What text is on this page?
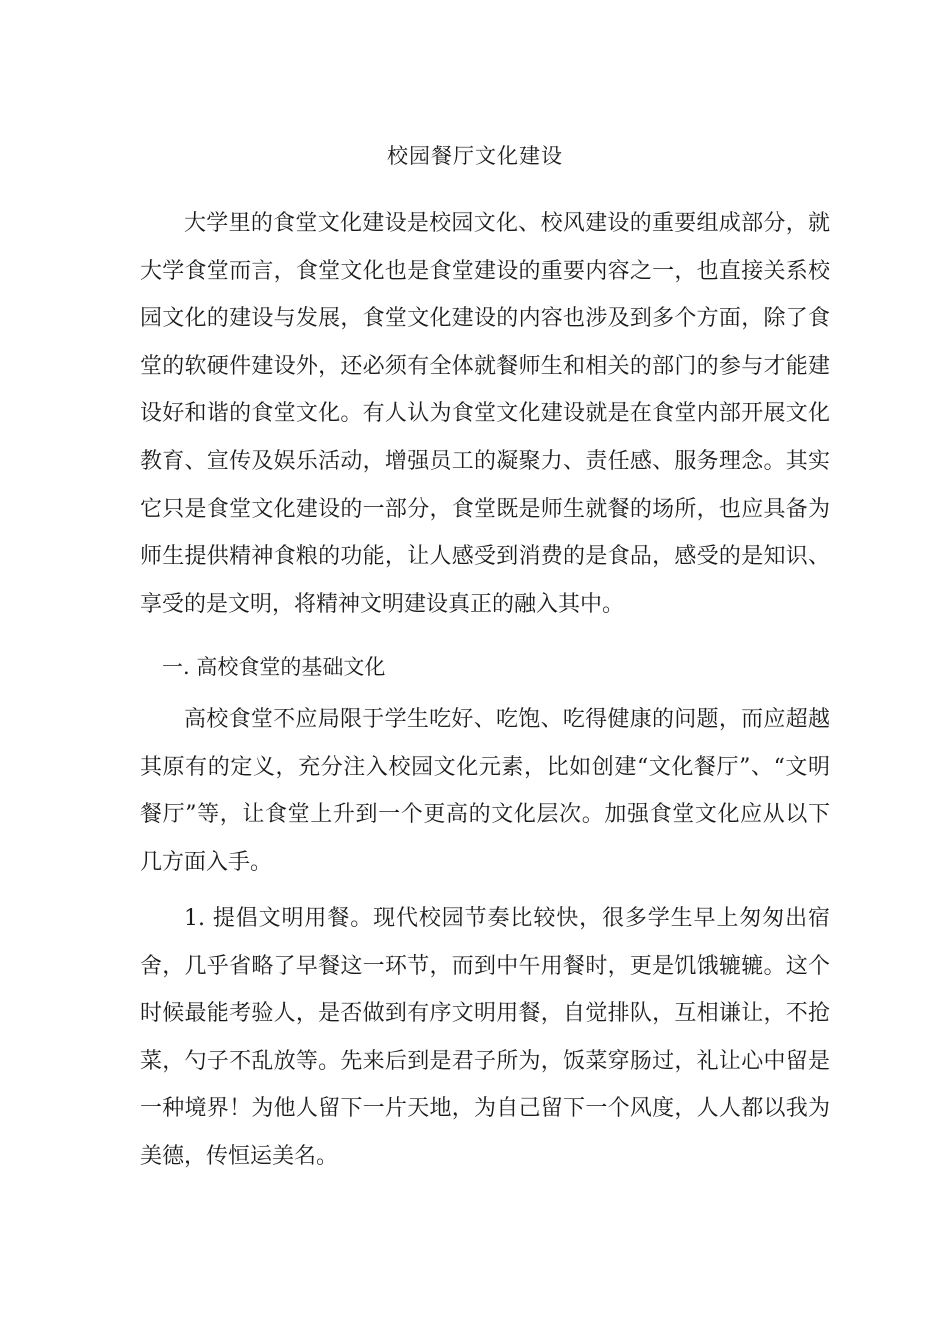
校园餐厅文化建设

大学里的食堂文化建设是校园文化、校风建设的重要组成部分，就大学食堂而言，食堂文化也是食堂建设的重要内容之一，也直接关系校园文化的建设与发展，食堂文化建设的内容也涉及到多个方面，除了食堂的软硬件建设外，还必须有全体就餐师生和相关的部门的参与才能建设好和谐的食堂文化。有人认为食堂文化建设就是在食堂内部开展文化教育、宣传及娱乐活动，增强员工的凝聚力、责任感、服务理念。其实它只是食堂文化建设的一部分，食堂既是师生就餐的场所，也应具备为师生提供精神食粮的功能，让人感受到消费的是食品，感受的是知识、享受的是文明，将精神文明建设真正的融入其中。

一. 高校食堂的基础文化

高校食堂不应局限于学生吃好、吃饱、吃得健康的问题，而应超越其原有的定义，充分注入校园文化元素，比如创建“文化餐厅”、“文明餐厅”等，让食堂上升到一个更高的文化层次。加强食堂文化应从以下几方面入手。

1. 提倡文明用餐。现代校园节奏比较快，很多学生早上匆匆出宿舍，几乎省略了早餐这一环节，而到中午用餐时，更是饥饿辘辘。这个时候最能考验人，是否做到有序文明用餐，自觉排队，互相谦让，不抢菜，勺子不乱放等。先来后到是君子所为，饭菜穿肠过，礼让心中留是一种境界！为他人留下一片天地，为自己留下一个风度，人人都以我为美德，传恒运美名。
